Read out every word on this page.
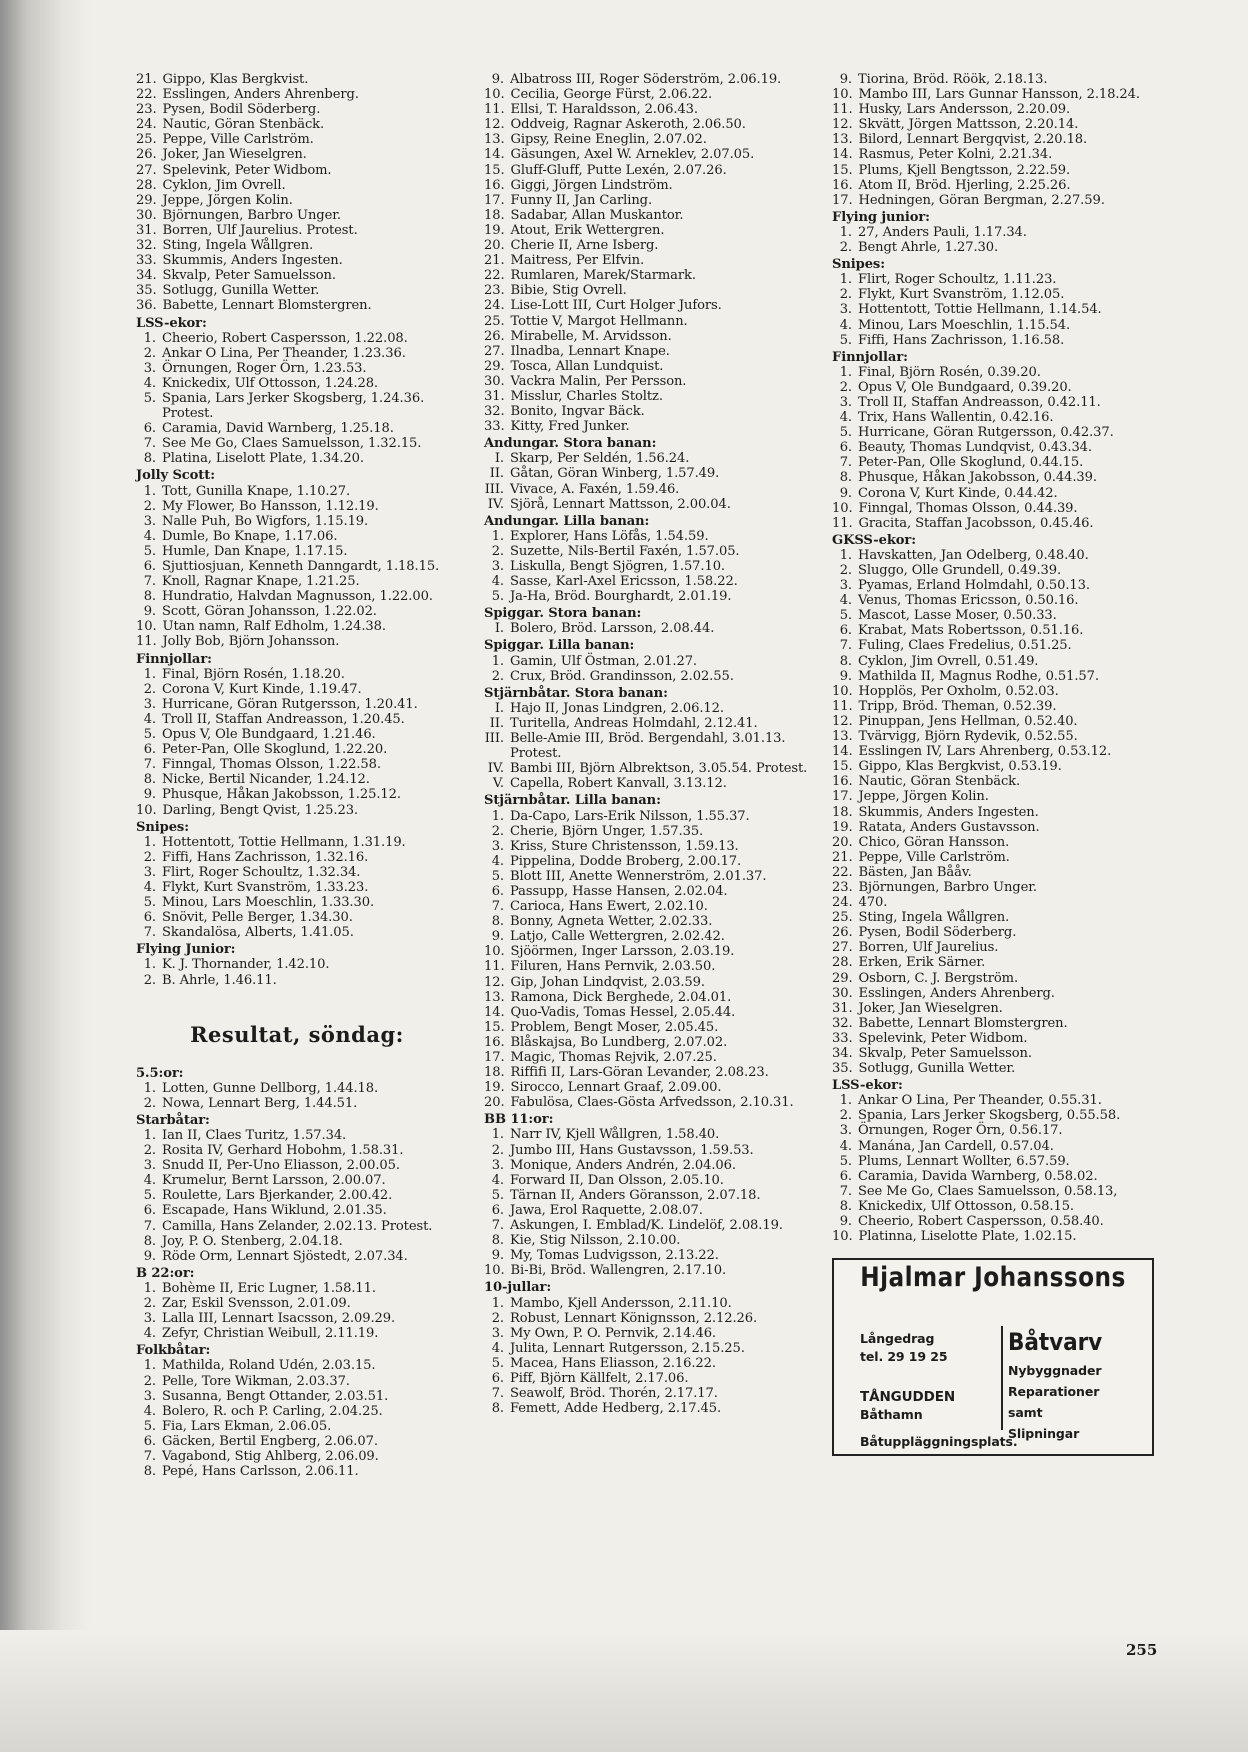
21. Gippo, Klas Bergkvist.
22. Esslingen, Anders Ahrenberg.
23. Pysen, Bodil Söderberg.
24. Nautic, Göran Stenbäck.
25. Peppe, Ville Carlström.
26. Joker, Jan Wieselgren.
27. Spelevink, Peter Widbom.
28. Cyklon, Jim Ovrell.
29. Jeppe, Jörgen Kolin.
30. Björnungen, Barbro Unger.
31. Borren, Ulf Jaurelius. Protest.
32. Sting, Ingela Wållgren.
33. Skummis, Anders Ingesten.
34. Skvalp, Peter Samuelsson.
35. Sotlugg, Gunilla Wetter.
36. Babette, Lennart Blomstergren.
LSS-ekor:
1. Cheerio, Robert Caspersson, 1.22.08.
2. Ankar O Lina, Per Theander, 1.23.36.
3. Örnungen, Roger Örn, 1.23.53.
4. Knickedix, Ulf Ottosson, 1.24.28.
5. Spania, Lars Jerker Skogsberg, 1.24.36. Protest.
6. Caramia, David Warnberg, 1.25.18.
7. See Me Go, Claes Samuelsson, 1.32.15.
8. Platina, Liselott Plate, 1.34.20.
Jolly Scott:
1. Tott, Gunilla Knape, 1.10.27.
2. My Flower, Bo Hansson, 1.12.19.
3. Nalle Puh, Bo Wigfors, 1.15.19.
4. Dumle, Bo Knape, 1.17.06.
5. Humle, Dan Knape, 1.17.15.
6. Sjuttiosjuan, Kenneth Danngardt, 1.18.15.
7. Knoll, Ragnar Knape, 1.21.25.
8. Hundratio, Halvdan Magnusson, 1.22.00.
9. Scott, Göran Johansson, 1.22.02.
10. Utan namn, Ralf Edholm, 1.24.38.
11. Jolly Bob, Björn Johansson.
Finnjollar:
1. Final, Björn Rosén, 1.18.20.
2. Corona V, Kurt Kinde, 1.19.47.
3. Hurricane, Göran Rutgersson, 1.20.41.
4. Troll II, Staffan Andreasson, 1.20.45.
5. Opus V, Ole Bundgaard, 1.21.46.
6. Peter-Pan, Olle Skoglund, 1.22.20.
7. Finngal, Thomas Olsson, 1.22.58.
8. Nicke, Bertil Nicander, 1.24.12.
9. Phusque, Håkan Jakobsson, 1.25.12.
10. Darling, Bengt Qvist, 1.25.23.
Snipes:
1. Hottentott, Tottie Hellmann, 1.31.19.
2. Fiffi, Hans Zachrisson, 1.32.16.
3. Flirt, Roger Schoultz, 1.32.34.
4. Flykt, Kurt Svanström, 1.33.23.
5. Minou, Lars Moeschlin, 1.33.30.
6. Snövit, Pelle Berger, 1.34.30.
7. Skandalösa, Alberts, 1.41.05.
Flying Junior:
1. K. J. Thornander, 1.42.10.
2. B. Ahrle, 1.46.11.
Resultat, söndag:
5.5:or:
1. Lotten, Gunne Dellborg, 1.44.18.
2. Nowa, Lennart Berg, 1.44.51.
Starbåtar:
1. Ian II, Claes Turitz, 1.57.34.
2. Rosita IV, Gerhard Hobohm, 1.58.31.
3. Snudd II, Per-Uno Eliasson, 2.00.05.
4. Krumelur, Bernt Larsson, 2.00.07.
5. Roulette, Lars Bjerkander, 2.00.42.
6. Escapade, Hans Wiklund, 2.01.35.
7. Camilla, Hans Zelander, 2.02.13. Protest.
8. Joy, P. O. Stenberg, 2.04.18.
9. Röde Orm, Lennart Sjöstedt, 2.07.34.
B 22:or:
1. Bohème II, Eric Lugner, 1.58.11.
2. Zar, Eskil Svensson, 2.01.09.
3. Lalla III, Lennart Isacsson, 2.09.29.
4. Zefyr, Christian Weibull, 2.11.19.
Folkbåtar:
1. Mathilda, Roland Udén, 2.03.15.
2. Pelle, Tore Wikman, 2.03.37.
3. Susanna, Bengt Ottander, 2.03.51.
4. Bolero, R. och P. Carling, 2.04.25.
5. Fia, Lars Ekman, 2.06.05.
6. Gäcken, Bertil Engberg, 2.06.07.
7. Vagabond, Stig Ahlberg, 2.06.09.
8. Pepé, Hans Carlsson, 2.06.11.
9. Albatross III, Roger Söderström, 2.06.19.
10. Cecilia, George Fürst, 2.06.22.
11. Ellsi, T. Haraldsson, 2.06.43.
12. Oddveig, Ragnar Askeroth, 2.06.50.
13. Gipsy, Reine Eneglin, 2.07.02.
14. Gäsungen, Axel W. Arneklev, 2.07.05.
15. Gluff-Gluff, Putte Lexén, 2.07.26.
16. Giggi, Jörgen Lindström.
17. Funny II, Jan Carling.
18. Sadabar, Allan Muskantor.
19. Atout, Erik Wettergren.
20. Cherie II, Arne Isberg.
21. Maitress, Per Elfvin.
22. Rumlaren, Marek/Starmark.
23. Bibie, Stig Ovrell.
24. Lise-Lott III, Curt Holger Jufors.
25. Tottie V, Margot Hellmann.
26. Mirabelle, M. Arvidsson.
27. Ilnadba, Lennart Knape.
29. Tosca, Allan Lundquist.
30. Vackra Malin, Per Persson.
31. Misslur, Charles Stoltz.
32. Bonito, Ingvar Bäck.
33. Kitty, Fred Junker.
Andungar. Stora banan:
I. Skarp, Per Seldén, 1.56.24.
II. Gåtan, Göran Winberg, 1.57.49.
III. Vivace, A. Faxén, 1.59.46.
IV. Sjörå, Lennart Mattsson, 2.00.04.
Andungar. Lilla banan:
1. Explorer, Hans Löfås, 1.54.59.
2. Suzette, Nils-Bertil Faxén, 1.57.05.
3. Liskulla, Bengt Sjögren, 1.57.10.
4. Sasse, Karl-Axel Ericsson, 1.58.22.
5. Ja-Ha, Bröd. Bourghardt, 2.01.19.
Spiggar. Stora banan:
I. Bolero, Bröd. Larsson, 2.08.44.
Spiggar. Lilla banan:
1. Gamin, Ulf Östman, 2.01.27.
2. Crux, Bröd. Grandinsson, 2.02.55.
Stjärnbåtar. Stora banan:
I. Hajo II, Jonas Lindgren, 2.06.12.
II. Turitella, Andreas Holmdahl, 2.12.41.
III. Belle-Amie III, Bröd. Bergendahl, 3.01.13. Protest.
IV. Bambi III, Björn Albrektson, 3.05.54. Protest.
V. Capella, Robert Kanvall, 3.13.12.
Stjärnbåtar. Lilla banan:
1. Da-Capo, Lars-Erik Nilsson, 1.55.37.
2. Cherie, Björn Unger, 1.57.35.
3. Kriss, Sture Christensson, 1.59.13.
4. Pippelina, Dodde Broberg, 2.00.17.
5. Blott III, Anette Wennerström, 2.01.37.
6. Passupp, Hasse Hansen, 2.02.04.
7. Carioca, Hans Ewert, 2.02.10.
8. Bonny, Agneta Wetter, 2.02.33.
9. Latjo, Calle Wettergren, 2.02.42.
10. Sjöörmen, Inger Larsson, 2.03.19.
11. Filuren, Hans Pernvik, 2.03.50.
12. Gip, Johan Lindqvist, 2.03.59.
13. Ramona, Dick Berghede, 2.04.01.
14. Quo-Vadis, Tomas Hessel, 2.05.44.
15. Problem, Bengt Moser, 2.05.45.
16. Blåskajsa, Bo Lundberg, 2.07.02.
17. Magic, Thomas Rejvik, 2.07.25.
18. Riffifi II, Lars-Göran Levander, 2.08.23.
19. Sirocco, Lennart Graaf, 2.09.00.
20. Fabulösa, Claes-Gösta Arfvedsson, 2.10.31.
BB 11:or:
1. Narr IV, Kjell Wållgren, 1.58.40.
2. Jumbo III, Hans Gustavsson, 1.59.53.
3. Monique, Anders Andrén, 2.04.06.
4. Forward II, Dan Olsson, 2.05.10.
5. Tärnan II, Anders Göransson, 2.07.18.
6. Jawa, Erol Raquette, 2.08.07.
7. Askungen, I. Emblad/K. Lindelöf, 2.08.19.
8. Kie, Stig Nilsson, 2.10.00.
9. My, Tomas Ludvigsson, 2.13.22.
10. Bi-Bi, Bröd. Wallengren, 2.17.10.
10-jullar:
1. Mambo, Kjell Andersson, 2.11.10.
2. Robust, Lennart Könignsson, 2.12.26.
3. My Own, P. O. Pernvik, 2.14.46.
4. Julita, Lennart Rutgersson, 2.15.25.
5. Macea, Hans Eliasson, 2.16.22.
6. Piff, Björn Källfelt, 2.17.06.
7. Seawolf, Bröd. Thorén, 2.17.17.
8. Femett, Adde Hedberg, 2.17.45.
9. Tiorina, Bröd. Röök, 2.18.13.
10. Mambo III, Lars Gunnar Hansson, 2.18.24.
11. Husky, Lars Andersson, 2.20.09.
12. Skvätt, Jörgen Mattsson, 2.20.14.
13. Bilord, Lennart Bergqvist, 2.20.18.
14. Rasmus, Peter Kolni, 2.21.34.
15. Plums, Kjell Bengtsson, 2.22.59.
16. Atom II, Bröd. Hjerling, 2.25.26.
17. Hedningen, Göran Bergman, 2.27.59.
Flying junior:
1. 27, Anders Pauli, 1.17.34.
2. Bengt Ahrle, 1.27.30.
Snipes:
1. Flirt, Roger Schoultz, 1.11.23.
2. Flykt, Kurt Svanström, 1.12.05.
3. Hottentott, Tottie Hellmann, 1.14.54.
4. Minou, Lars Moeschlin, 1.15.54.
5. Fiffi, Hans Zachrisson, 1.16.58.
Finnjollar:
1. Final, Björn Rosén, 0.39.20.
2. Opus V, Ole Bundgaard, 0.39.20.
3. Troll II, Staffan Andreasson, 0.42.11.
4. Trix, Hans Wallentin, 0.42.16.
5. Hurricane, Göran Rutgersson, 0.42.37.
6. Beauty, Thomas Lundqvist, 0.43.34.
7. Peter-Pan, Olle Skoglund, 0.44.15.
8. Phusque, Håkan Jakobsson, 0.44.39.
9. Corona V, Kurt Kinde, 0.44.42.
10. Finngal, Thomas Olsson, 0.44.39.
11. Gracita, Staffan Jacobsson, 0.45.46.
GKSS-ekor:
1. Havskatten, Jan Odelberg, 0.48.40.
2. Sluggo, Olle Grundell, 0.49.39.
3. Pyamas, Erland Holmdahl, 0.50.13.
4. Venus, Thomas Ericsson, 0.50.16.
5. Mascot, Lasse Moser, 0.50.33.
6. Krabat, Mats Robertsson, 0.51.16.
7. Fuling, Claes Fredelius, 0.51.25.
8. Cyklon, Jim Ovrell, 0.51.49.
9. Mathilda II, Magnus Rodhe, 0.51.57.
10. Hopplös, Per Oxholm, 0.52.03.
11. Tripp, Bröd. Theman, 0.52.39.
12. Pinuppan, Jens Hellman, 0.52.40.
13. Tvärvigg, Björn Rydevik, 0.52.55.
14. Esslingen IV, Lars Ahrenberg, 0.53.12.
15. Gippo, Klas Bergkvist, 0.53.19.
16. Nautic, Göran Stenbäck.
17. Jeppe, Jörgen Kolin.
18. Skummis, Anders Ingesten.
19. Ratata, Anders Gustavsson.
20. Chico, Göran Hansson.
21. Peppe, Ville Carlström.
22. Bästen, Jan Bååv.
23. Björnungen, Barbro Unger.
24. 470.
25. Sting, Ingela Wållgren.
26. Pysen, Bodil Söderberg.
27. Borren, Ulf Jaurelius.
28. Erken, Erik Särner.
29. Osborn, C. J. Bergström.
30. Esslingen, Anders Ahrenberg.
31. Joker, Jan Wieselgren.
32. Babette, Lennart Blomstergren.
33. Spelevink, Peter Widbom.
34. Skvalp, Peter Samuelsson.
35. Sotlugg, Gunilla Wetter.
LSS-ekor:
1. Ankar O Lina, Per Theander, 0.55.31.
2. Spania, Lars Jerker Skogsberg, 0.55.58.
3. Örnungen, Roger Örn, 0.56.17.
4. Manána, Jan Cardell, 0.57.04.
5. Plums, Lennart Wollter, 6.57.59.
6. Caramia, Davida Warnberg, 0.58.02.
7. See Me Go, Claes Samuelsson, 0.58.13,
8. Knickedix, Ulf Ottosson, 0.58.15.
9. Cheerio, Robert Caspersson, 0.58.40.
10. Platinna, Liselotte Plate, 1.02.15.
Hjalmar Johanssons
Långedrag
tel. 29 19 25
TÅNGUDDEN
Båthamn
Båtvarv
Nybyggnader
Reparationer
samt
Slipningar
Båtuppläggningsplats.
255
